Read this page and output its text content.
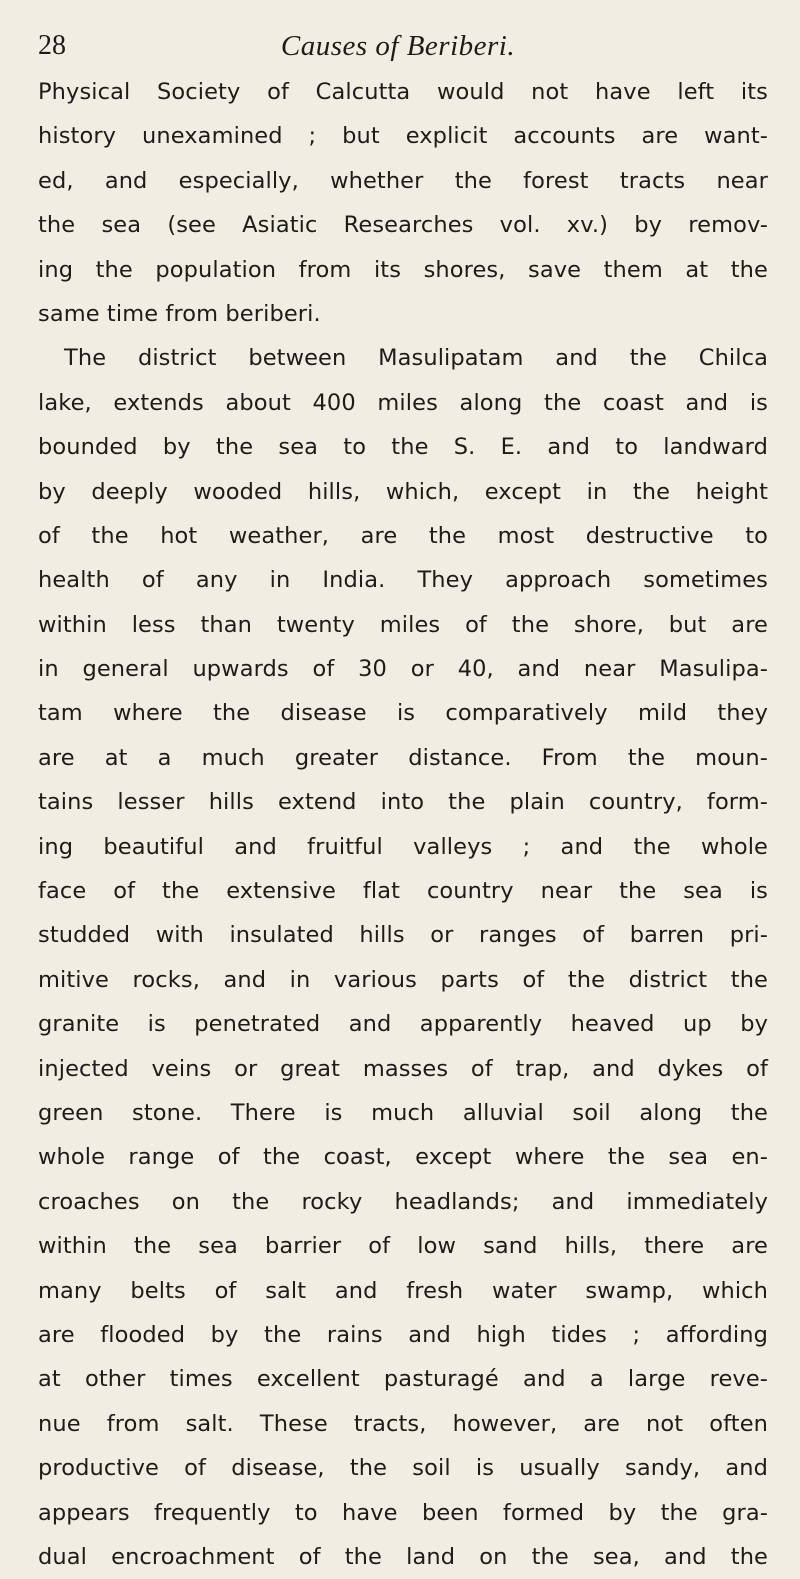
28	Causes of Beriberi.
Physical Society of Calcutta would not have left its
history unexamined ; but explicit accounts are want-
ed, and especially, whether the forest tracts near
the sea (see Asiatic Researches vol. xv.) by remov-
ing the population from its shores, save them at the
same time from beriberi.
The district between Masulipatam and the Chilca
lake, extends about 400 miles along the coast and is
bounded by the sea to the S. E. and to landward
by deeply wooded hills, which, except in the height
of the hot weather, are the most destructive to
health of any in India. They approach sometimes
within less than twenty miles of the shore, but are
in general upwards of 30 or 40, and near Masulipa-
tam where the disease is comparatively mild they
are at a much greater distance. From the moun-
tains lesser hills extend into the plain country, form-
ing beautiful and fruitful valleys ; and the whole
face of the extensive flat country near the sea is
studded with insulated hills or ranges of barren pri-
mitive rocks, and in various parts of the district the
granite is penetrated and apparently heaved up by
injected veins or great masses of trap, and dykes of
green stone. There is much alluvial soil along the
whole range of the coast, except where the sea en-
croaches on the rocky headlands; and immediately
within the sea barrier of low sand hills, there are
many belts of salt and fresh water swamp, which
are flooded by the rains and high tides ; affording
at other times excellent pasturagé and a large reve-
nue from salt. These tracts, however, are not often
productive of disease, the soil is usually sandy, and
appears frequently to have been formed by the gra-
dual encroachment of the land on the sea, and the
